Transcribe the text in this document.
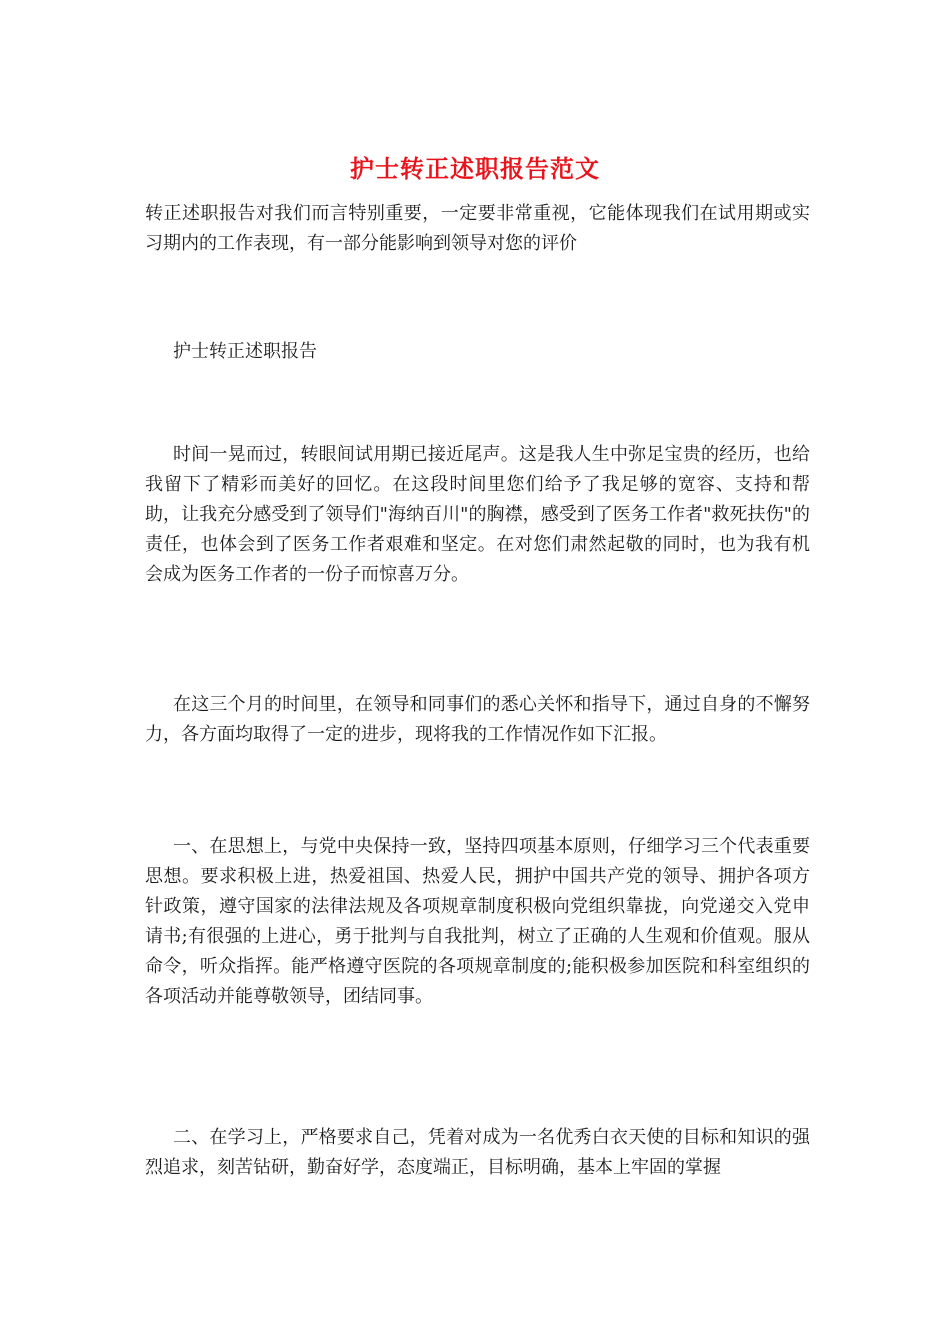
护士转正述职报告范文

转正述职报告对我们而言特别重要，一定要非常重视，它能体现我们在试用期或实习期内的工作表现，有一部分能影响到领导对您的评价

护士转正述职报告

时间一晃而过，转眼间试用期已接近尾声。这是我人生中弥足宝贵的经历，也给我留下了精彩而美好的回忆。在这段时间里您们给予了我足够的宽容、支持和帮助，让我充分感受到了领导们"海纳百川"的胸襟，感受到了医务工作者"救死扶伤"的责任，也体会到了医务工作者艰难和坚定。在对您们肃然起敬的同时，也为我有机会成为医务工作者的一份子而惊喜万分。

在这三个月的时间里，在领导和同事们的悉心关怀和指导下，通过自身的不懈努力，各方面均取得了一定的进步，现将我的工作情况作如下汇报。

一、在思想上，与党中央保持一致，坚持四项基本原则，仔细学习三个代表重要思想。要求积极上进，热爱祖国、热爱人民，拥护中国共产党的领导、拥护各项方针政策，遵守国家的法律法规及各项规章制度积极向党组织靠拢，向党递交入党申请书;有很强的上进心，勇于批判与自我批判，树立了正确的人生观和价值观。服从命令，听众指挥。能严格遵守医院的各项规章制度的;能积极参加医院和科室组织的各项活动并能尊敬领导，团结同事。

二、在学习上，严格要求自己，凭着对成为一名优秀白衣天使的目标和知识的强烈追求，刻苦钻研，勤奋好学，态度端正，目标明确，基本上牢固的掌握
